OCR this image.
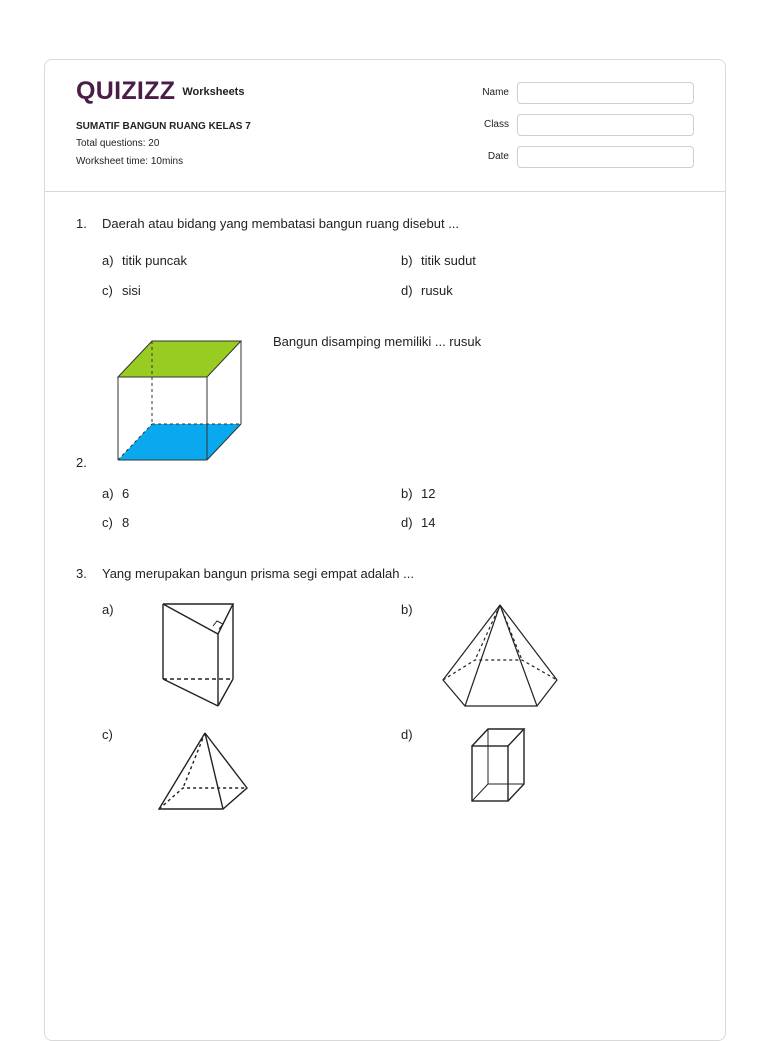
QUIZIZZ Worksheets
SUMATIF BANGUN RUANG KELAS 7
Total questions: 20
Worksheet time: 10mins
Name
Class
Date
1. Daerah atau bidang yang membatasi bangun ruang disebut ...
a) titik puncak	b) titik sudut
c) sisi	d) rusuk
Bangun disamping memiliki ... rusuk
2.
a) 6	b) 12
c) 8	d) 14
3. Yang merupakan bangun prisma segi empat adalah ...
a)	b)
c)	d)
